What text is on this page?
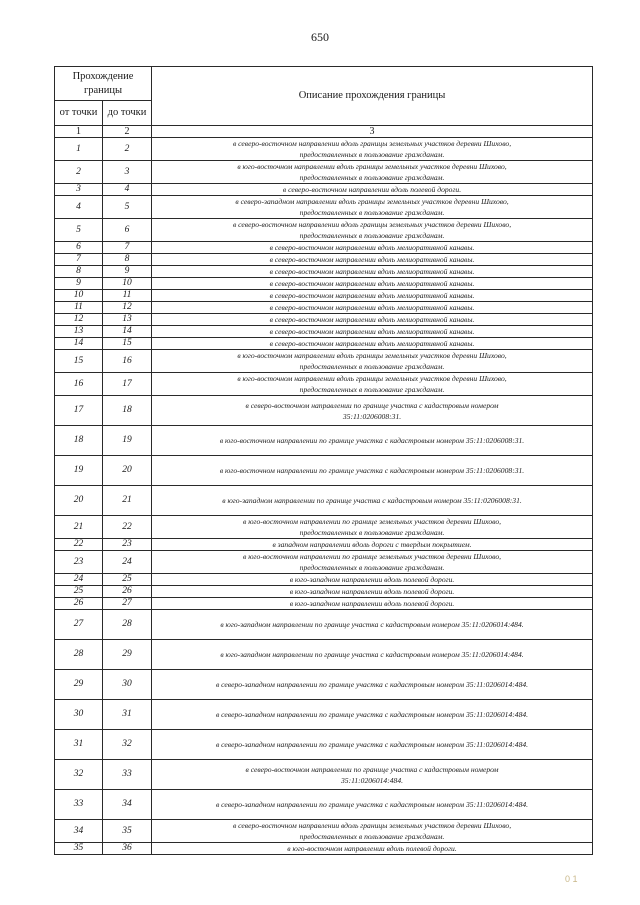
650
Прохождение границы		Описание прохождения границы
от точки	до точки	
1	2	3
1	2	в северо-восточном направлении вдоль границы земельных участков деревни Шихово,
предоставленных в пользование гражданам.

2	3	в юго-восточном направлении вдоль границы земельных участков деревни Шихово,
предоставленных в пользование гражданам.

3	4	в северо-восточном направлении вдоль полевой дороги.

4	5	в северо-западном направлении вдоль границы земельных участков деревни Шихово,
предоставленных в пользование гражданам.

5	6	в северо-восточном направлении вдоль границы земельных участков деревни Шихово,
предоставленных в пользование гражданам.

6	7	в северо-восточном направлении вдоль мелиоративной канавы.

7	8	в северо-восточном направлении вдоль мелиоративной канавы.

8	9	в северо-восточном направлении вдоль мелиоративной канавы.

9	10	в северо-восточном направлении вдоль мелиоративной канавы.

10	11	в северо-восточном направлении вдоль мелиоративной канавы.

11	12	в северо-восточном направлении вдоль мелиоративной канавы.

12	13	в северо-восточном направлении вдоль мелиоративной канавы.

13	14	в северо-восточном направлении вдоль мелиоративной канавы.

14	15	в северо-восточном направлении вдоль мелиоративной канавы.

15	16	в юго-восточном направлении вдоль границы земельных участков деревни Шихово,
предоставленных в пользование гражданам.

16	17	в юго-восточном направлении вдоль границы земельных участков деревни Шихово,
предоставленных в пользование гражданам.

17	18	в северо-восточном направлении по границе участка с кадастровым номером
35:11:0206008:31.

18	19	в юго-восточном направлении по границе участка с кадастровым номером 35:11:0206008:31.

19	20	в юго-восточном направлении по границе участка с кадастровым номером 35:11:0206008:31.

20	21	в юго-западном направлении по границе участка с кадастровым номером 35:11:0206008:31.

21	22	в юго-восточном направлении по границе земельных участков деревни Шихово,
предоставленных в пользование гражданам.

22	23	в западном направлении вдоль дороги с твердым покрытием.

23	24	в юго-восточном направлении по границе земельных участков деревни Шихово,
предоставленных в пользование гражданам.

24	25	в юго-западном направлении вдоль полевой дороги.

25	26	в юго-западном направлении вдоль полевой дороги.

26	27	в юго-западном направлении вдоль полевой дороги.

27	28	в юго-западном направлении по границе участка с кадастровым номером 35:11:0206014:484.

28	29	в юго-западном направлении по границе участка с кадастровым номером 35:11:0206014:484.

29	30	в северо-западном направлении по границе участка с кадастровым номером 35:11:0206014:484.

30	31	в северо-западном направлении по границе участка с кадастровым номером 35:11:0206014:484.

31	32	в северо-западном направлении по границе участка с кадастровым номером 35:11:0206014:484.

32	33	в северо-восточном направлении по границе участка с кадастровым номером
35:11:0206014:484.

33	34	в северо-западном направлении по границе участка с кадастровым номером 35:11:0206014:484.

34	35	в северо-восточном направлении вдоль границы земельных участков деревни Шихово,
предоставленных в пользование гражданам.

35	36	в юго-восточном направлении вдоль полевой дороги.
0 1
